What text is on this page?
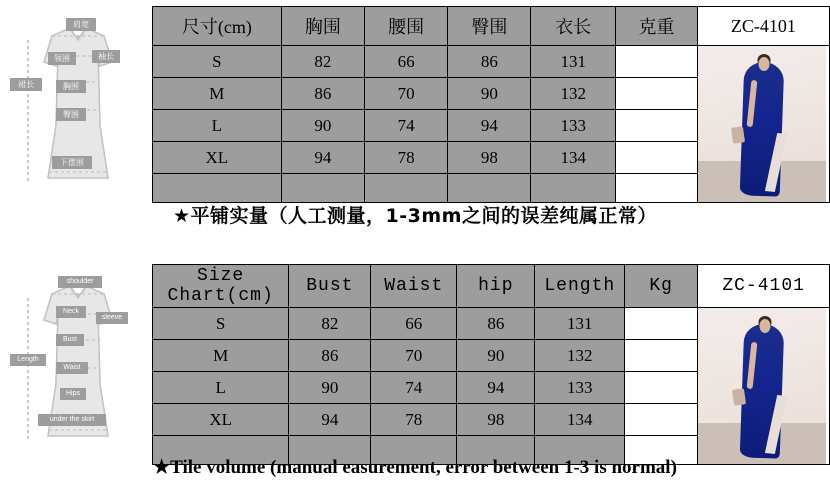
肩宽
领围	袖长
胸围
裙长
臀围
下摆围
尺寸(cm)	胸围	腰围	臀围	衣长	克重	ZC-4101
S	82	66	86	131		

M	86	70	90	132		
L	90	74	94	133		
XL	94	78	98	134		

★平铺实量（人工测量，1-3mm之间的误差纯属正常）
shoulder
Neck
sleeve
Bust
Length
Waist
Hips
under the skirt
Size Chart(cm)	Bust	Waist	hip	Length	Kg	ZC-4101
S	82	66	86	131		

M	86	70	90	132		
L	90	74	94	133		
XL	94	78	98	134		

★Tile volume (manual easurement, error between 1-3 is normal)
